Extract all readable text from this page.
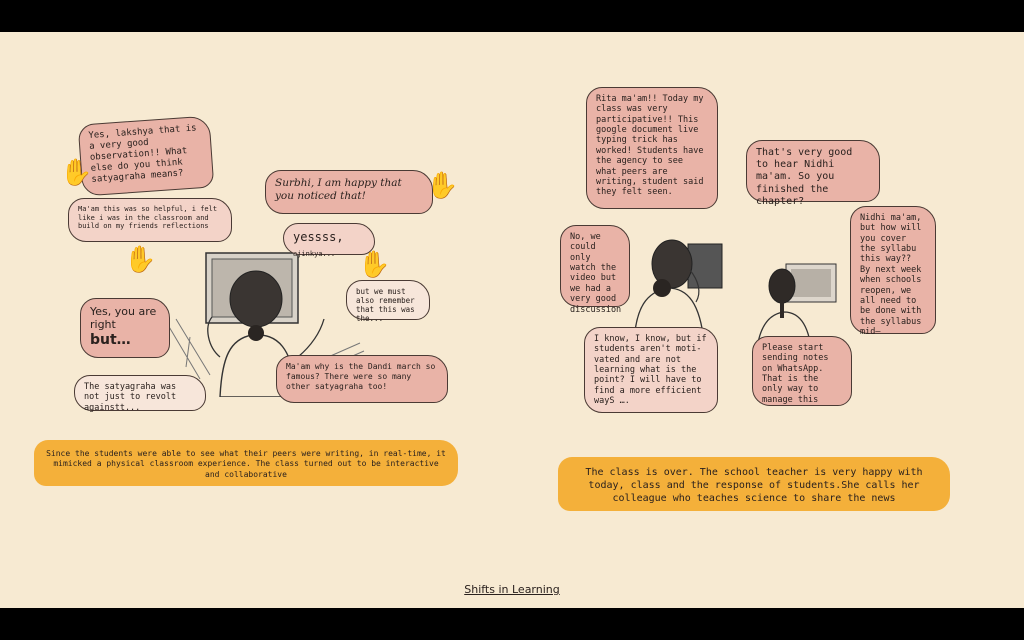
Yes, lakshya that is a very good observation!! What else do you think satyagraha means?
Ma'am this was so helpful, i felt like i was in the classroom and build on my friends reflections
Surbhi, I am happy that you noticed that!
yessss, ajinkya...
Yes, you are right
but…
but we must also remember that this was the...
Ma'am why is the Dandi march so famous? There were so many other satyagraha too!
The satyagraha was not just to revolt againstt...
✋
✋
✋
✋
Since the students were able to see what their peers were writing, in real-time, it mimicked a physical classroom experience. The class turned out to be interactive and collaborative
Rita ma'am!! Today my class was very participative!! This google document live typing trick has worked! Students have the agency to see what peers are writing, student said they felt seen.
No, we could only watch the video but we had a very good discussion
I know, I know, but if students aren't moti- vated and are not learning what is the point? I will have to find a more efficient wayS ….
That's very good to hear Nidhi ma'am. So you finished the chapter?
Nidhi ma'am, but how will you cover the syllabu this way?? By next week when schools reopen, we all need to be done with the syllabus mid–
Please start sending notes on WhatsApp. That is the only way to manage this
The class is over. The school teacher is very happy with today, class and the response of students.She calls her colleague who teaches science to share the news
Shifts in Learning
